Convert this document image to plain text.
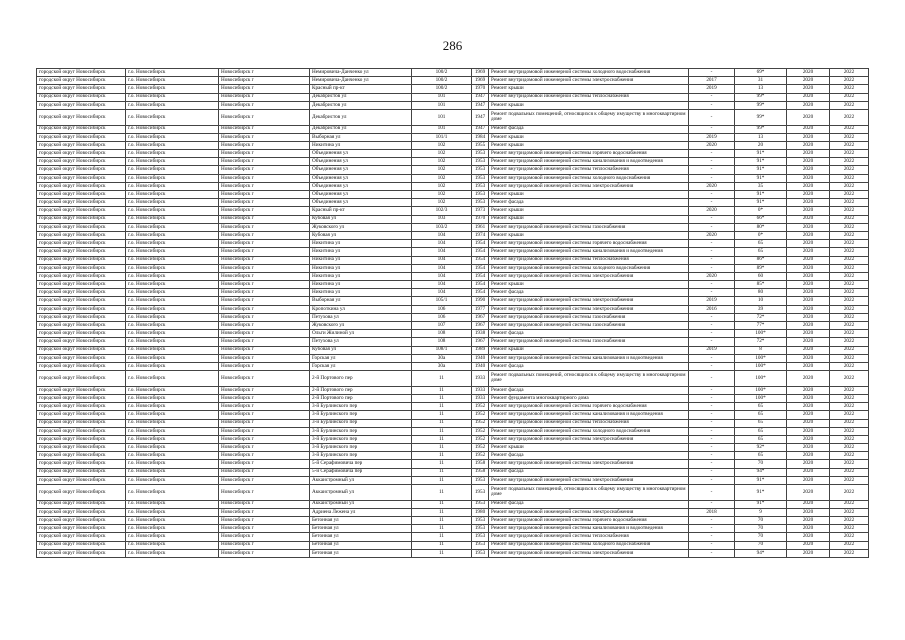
286
городской округ Новосибирск	г.о. Новосибирск	Новосибирск г	Немировича-Данченко ул	100/2	1969	Ремонт внутридомовой инженерной системы холодного водоснабжения	-	69*	2020	2022
городской округ Новосибирск	г.о. Новосибирск	Новосибирск г	Немировича-Данченко ул	100/2	1969	Ремонт внутридомовой инженерной системы электроснабжения	2017	31	2020	2022
городской округ Новосибирск	г.о. Новосибирск	Новосибирск г	Красный пр-кт	100/2	1970	Ремонт крыши	2019	13	2020	2022
городской округ Новосибирск	г.о. Новосибирск	Новосибирск г	Декабристов ул	101	1947	Ремонт внутридомовой инженерной системы теплоснабжения	-	99*	2020	2022
городской округ Новосибирск	г.о. Новосибирск	Новосибирск г	Декабристов ул	101	1947	Ремонт крыши	-	99*	2020	2022
городской округ Новосибирск	г.о. Новосибирск	Новосибирск г	Декабристов ул	101	1947	Ремонт подвальных помещений, относящихся к общему имуществу в многоквартирном доме	-	99*	2020	2022
городской округ Новосибирск	г.о. Новосибирск	Новосибирск г	Декабристов ул	101	1947	Ремонт фасада	-	99*	2020	2022
городской округ Новосибирск	г.о. Новосибирск	Новосибирск г	Выборная ул	101/1	1984	Ремонт крыши	2019	13	2020	2022
городской округ Новосибирск	г.о. Новосибирск	Новосибирск г	Никитина ул	102	1955	Ремонт крыши	2020	20	2020	2022
городской округ Новосибирск	г.о. Новосибирск	Новосибирск г	Объединения ул	102	1953	Ремонт внутридомовой инженерной системы горячего водоснабжения	-	91*	2020	2022
городской округ Новосибирск	г.о. Новосибирск	Новосибирск г	Объединения ул	102	1953	Ремонт внутридомовой инженерной системы канализования и водоотведения	-	91*	2020	2022
городской округ Новосибирск	г.о. Новосибирск	Новосибирск г	Объединения ул	102	1953	Ремонт внутридомовой инженерной системы теплоснабжения	-	91*	2020	2022
городской округ Новосибирск	г.о. Новосибирск	Новосибирск г	Объединения ул	102	1953	Ремонт внутридомовой инженерной системы холодного водоснабжения	-	91*	2020	2022
городской округ Новосибирск	г.о. Новосибирск	Новосибирск г	Объединения ул	102	1953	Ремонт внутридомовой инженерной системы электроснабжения	2020	35	2020	2022
городской округ Новосибирск	г.о. Новосибирск	Новосибирск г	Объединения ул	102	1953	Ремонт крыши	-	91*	2020	2022
городской округ Новосибирск	г.о. Новосибирск	Новосибирск г	Объединения ул	102	1953	Ремонт фасада	-	91*	2020	2022
городской округ Новосибирск	г.о. Новосибирск	Новосибирск г	Красный пр-кт	102/3	1973	Ремонт крыши	2020	0*	2020	2022
городской округ Новосибирск	г.о. Новосибирск	Новосибирск г	Кубовая ул	103	1970	Ремонт крыши	-	66*	2020	2022
городской округ Новосибирск	г.о. Новосибирск	Новосибирск г	Жуковского ул	103/2	1961	Ремонт внутридомовой инженерной системы газоснабжения	-	80*	2020	2022
городской округ Новосибирск	г.о. Новосибирск	Новосибирск г	Кубовая ул	104	1974	Ремонт крыши	2020	0*	2020	2022
городской округ Новосибирск	г.о. Новосибирск	Новосибирск г	Никитина ул	104	1954	Ремонт внутридомовой инженерной системы горячего водоснабжения	-	65	2020	2022
городской округ Новосибирск	г.о. Новосибирск	Новосибирск г	Никитина ул	104	1954	Ремонт внутридомовой инженерной системы канализования и водоотведения	-	65	2020	2022
городской округ Новосибирск	г.о. Новосибирск	Новосибирск г	Никитина ул	104	1954	Ремонт внутридомовой инженерной системы теплоснабжения	-	86*	2020	2022
городской округ Новосибирск	г.о. Новосибирск	Новосибирск г	Никитина ул	104	1954	Ремонт внутридомовой инженерной системы холодного водоснабжения	-	89*	2020	2022
городской округ Новосибирск	г.о. Новосибирск	Новосибирск г	Никитина ул	104	1954	Ремонт внутридомовой инженерной системы электроснабжения	2020	60	2020	2022
городской округ Новосибирск	г.о. Новосибирск	Новосибирск г	Никитина ул	104	1954	Ремонт крыши	-	85*	2020	2022
городской округ Новосибирск	г.о. Новосибирск	Новосибирск г	Никитина ул	104	1954	Ремонт фасада	-	80	2020	2022
городской округ Новосибирск	г.о. Новосибирск	Новосибирск г	Выборная ул	105/1	1990	Ремонт внутридомовой инженерной системы электроснабжения	2019	10	2020	2022
городской округ Новосибирск	г.о. Новосибирск	Новосибирск г	Кропоткина ул	106	1977	Ремонт внутридомовой инженерной системы электроснабжения	2016	39	2020	2022
городской округ Новосибирск	г.о. Новосибирск	Новосибирск г	Петухова ул	106	1967	Ремонт внутридомовой инженерной системы газоснабжения	-	72*	2020	2022
городской округ Новосибирск	г.о. Новосибирск	Новосибирск г	Жуковского ул	107	1967	Ремонт внутридомовой инженерной системы газоснабжения	-	77*	2020	2022
городской округ Новосибирск	г.о. Новосибирск	Новосибирск г	Ольги Жилиной ул	108	1938	Ремонт фасада	-	100*	2020	2022
городской округ Новосибирск	г.о. Новосибирск	Новосибирск г	Петухова ул	108	1967	Ремонт внутридомовой инженерной системы газоснабжения	-	72*	2020	2022
городской округ Новосибирск	г.о. Новосибирск	Новосибирск г	Кубовая ул	108/1	1989	Ремонт крыши	2019	8	2020	2022
городской округ Новосибирск	г.о. Новосибирск	Новосибирск г	Горская ул	30а	1940	Ремонт внутридомовой инженерной системы канализования и водоотведения	-	100*	2020	2022
городской округ Новосибирск	г.о. Новосибирск	Новосибирск г	Горская ул	30а	1940	Ремонт фасада	-	100*	2020	2022
городской округ Новосибирск	г.о. Новосибирск	Новосибирск г	2-й Портового пер	11	1933	Ремонт подвальных помещений, относящихся к общему имуществу в многоквартирном доме	-	100*	2020	2022
городской округ Новосибирск	г.о. Новосибирск	Новосибирск г	2-й Портового пер	11	1933	Ремонт фасада	-	100*	2020	2022
городской округ Новосибирск	г.о. Новосибирск	Новосибирск г	2-й Портового пер	11	1933	Ремонт фундамента многоквартирного дома	-	100*	2020	2022
городской округ Новосибирск	г.о. Новосибирск	Новосибирск г	3-й Бурлинского пер	11	1952	Ремонт внутридомовой инженерной системы горячего водоснабжения	-	65	2020	2022
городской округ Новосибирск	г.о. Новосибирск	Новосибирск г	3-й Бурлинского пер	11	1952	Ремонт внутридомовой инженерной системы канализования и водоотведения	-	65	2020	2022
городской округ Новосибирск	г.о. Новосибирск	Новосибирск г	3-й Бурлинского пер	11	1952	Ремонт внутридомовой инженерной системы теплоснабжения	-	65	2020	2022
городской округ Новосибирск	г.о. Новосибирск	Новосибирск г	3-й Бурлинского пер	11	1952	Ремонт внутридомовой инженерной системы холодного водоснабжения	-	65	2020	2022
городской округ Новосибирск	г.о. Новосибирск	Новосибирск г	3-й Бурлинского пер	11	1952	Ремонт внутридомовой инженерной системы электроснабжения	-	65	2020	2022
городской округ Новосибирск	г.о. Новосибирск	Новосибирск г	3-й Бурлинского пер	11	1952	Ремонт крыши	-	92*	2020	2022
городской округ Новосибирск	г.о. Новосибирск	Новосибирск г	3-й Бурлинского пер	11	1952	Ремонт фасада	-	65	2020	2022
городской округ Новосибирск	г.о. Новосибирск	Новосибирск г	5-й Серафимовича пер	11	1958	Ремонт внутридомовой инженерной системы электроснабжения	-	70	2020	2022
городской округ Новосибирск	г.о. Новосибирск	Новосибирск г	5-й Серафимовича пер	11	1958	Ремонт фасада	-	94*	2020	2022
городской округ Новосибирск	г.о. Новосибирск	Новосибирск г	Аккаистромный ул	11	1953	Ремонт внутридомовой инженерной системы электроснабжения	-	91*	2020	2022
городской округ Новосибирск	г.о. Новосибирск	Новосибирск г	Аккаистромный ул	11	1953	Ремонт подвальных помещений, относящихся к общему имуществу в многоквартирном доме	-	91*	2020	2022
городской округ Новосибирск	г.о. Новосибирск	Новосибирск г	Аккаистромный ул	11	1953	Ремонт фасада	-	91*	2020	2022
городской округ Новосибирск	г.о. Новосибирск	Новосибирск г	Адриена Лежена ул	11	1980	Ремонт внутридомовой инженерной системы электроснабжения	2018	9	2020	2022
городской округ Новосибирск	г.о. Новосибирск	Новосибирск г	Бетонная ул	11	1953	Ремонт внутридомовой инженерной системы горячего водоснабжения	-	70	2020	2022
городской округ Новосибирск	г.о. Новосибирск	Новосибирск г	Бетонная ул	11	1953	Ремонт внутридомовой инженерной системы канализования и водоотведения	-	70	2020	2022
городской округ Новосибирск	г.о. Новосибирск	Новосибирск г	Бетонная ул	11	1953	Ремонт внутридомовой инженерной системы теплоснабжения	-	70	2020	2022
городской округ Новосибирск	г.о. Новосибирск	Новосибирск г	Бетонная ул	11	1953	Ремонт внутридомовой инженерной системы холодного водоснабжения	-	70	2020	2022
городской округ Новосибирск	г.о. Новосибирск	Новосибирск г	Бетонная ул	11	1953	Ремонт внутридомовой инженерной системы электроснабжения	-	94*	2020	2022
